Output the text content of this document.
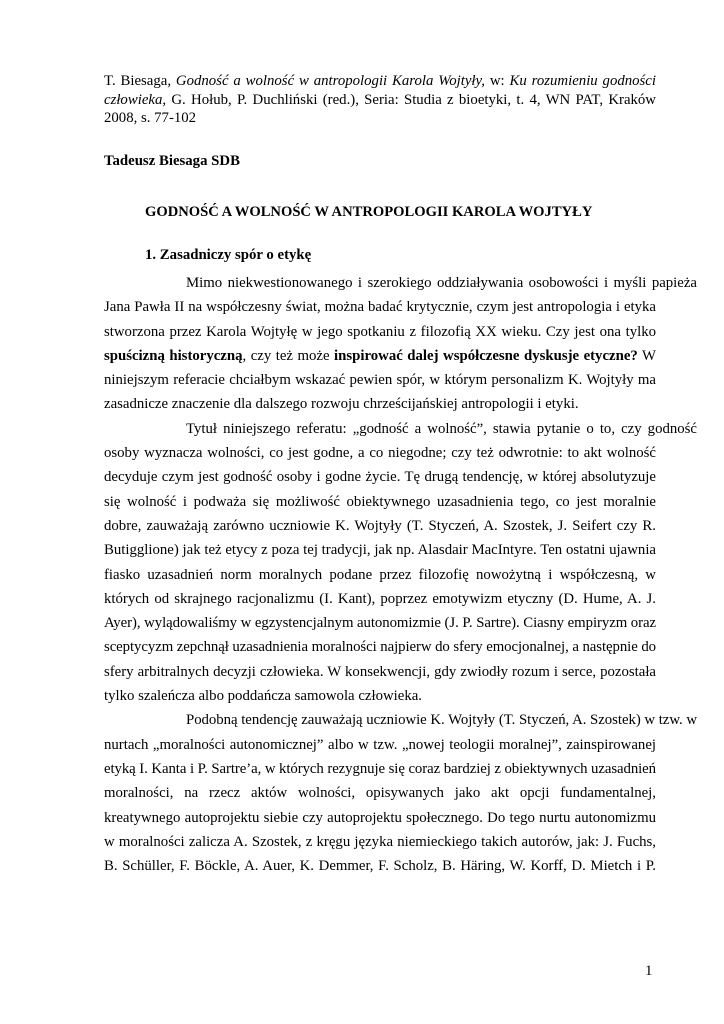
T. Biesaga, Godność a wolność w antropologii Karola Wojtyły, w: Ku rozumieniu godności człowieka, G. Hołub, P. Duchliński (red.), Seria: Studia z bioetyki, t. 4, WN PAT, Kraków 2008, s. 77-102
Tadeusz Biesaga SDB
GODNOŚĆ A WOLNOŚĆ W ANTROPOLOGII KAROLA WOJTYŁY
1. Zasadniczy spór o etykę
Mimo niekwestionowanego i szerokiego oddziaływania osobowości i myśli papieża
Jana Pawła II na współczesny świat, można badać krytycznie, czym jest antropologia i etyka
stworzona przez Karola Wojtyłę w jego spotkaniu z filozofią XX wieku. Czy jest ona tylko
spuścizną historyczną, czy też może inspirować dalej współczesne dyskusje etyczne? W
niniejszym referacie chciałbym wskazać pewien spór, w którym personalizm K. Wojtyły ma
zasadnicze znaczenie dla dalszego rozwoju chrześcijańskiej antropologii i etyki.
Tytuł niniejszego referatu: „godność a wolność”, stawia pytanie o to, czy godność
osoby wyznacza wolności, co jest godne, a co niegodne; czy też odwrotnie: to akt wolność
decyduje czym jest godność osoby i godne życie. Tę drugą tendencję, w której absolutyzuje
się wolność i podważa się możliwość obiektywnego uzasadnienia tego, co jest moralnie
dobre, zauważają zarówno uczniowie K. Wojtyły (T. Styczeń, A. Szostek, J. Seifert czy R.
Butigglione) jak też etycy z poza tej tradycji, jak np. Alasdair MacIntyre. Ten ostatni ujawnia
fiasko uzasadnień norm moralnych podane przez filozofię nowożytną i współczesną, w
których od skrajnego racjonalizmu (I. Kant), poprzez emotywizm etyczny (D. Hume, A. J.
Ayer), wylądowaliśmy w egzystencjalnym autonomizmie (J. P. Sartre). Ciasny empiryzm oraz
sceptycyzm zepchnął uzasadnienia moralności najpierw do sfery emocjonalnej, a następnie do
sfery arbitralnych decyzji człowieka. W konsekwencji, gdy zwiodły rozum i serce, pozostała
tylko szaleńcza albo poddańcza samowola człowieka.
Podobną tendencję zauważają uczniowie K. Wojtyły (T. Styczeń, A. Szostek) w tzw. w
nurtach „moralności autonomicznej” albo w tzw. „nowej teologii moralnej”, zainspirowanej
etyką I. Kanta i P. Sartre’a, w których rezygnuje się coraz bardziej z obiektywnych uzasadnień
moralności, na rzecz aktów wolności, opisywanych jako akt opcji fundamentalnej,
kreatywnego autoprojektu siebie czy autoprojektu społecznego. Do tego nurtu autonomizmu
w moralności zalicza A. Szostek, z kręgu języka niemieckiego takich autorów, jak: J. Fuchs,
B. Schüller, F. Böckle, A. Auer, K. Demmer, F. Scholz, B. Häring, W. Korff, D. Mietch i P.
1
